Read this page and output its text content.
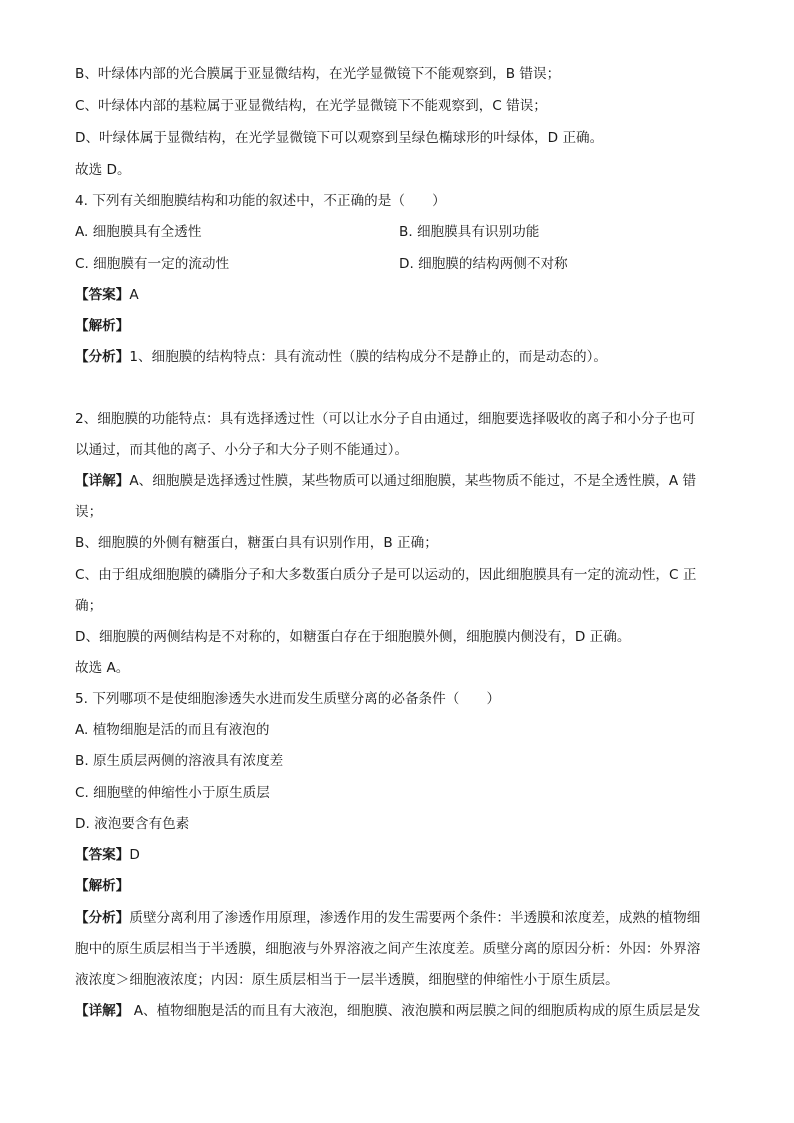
B、叶绿体内部的光合膜属于亚显微结构，在光学显微镜下不能观察到，B 错误；
C、叶绿体内部的基粒属于亚显微结构，在光学显微镜下不能观察到，C 错误；
D、叶绿体属于显微结构，在光学显微镜下可以观察到呈绿色椭球形的叶绿体，D 正确。
故选 D。
4. 下列有关细胞膜结构和功能的叙述中，不正确的是（　　）
A. 细胞膜具有全透性	B. 细胞膜具有识别功能
C. 细胞膜有一定的流动性	D. 细胞膜的结构两侧不对称
【答案】A
【解析】
【分析】1、细胞膜的结构特点：具有流动性（膜的结构成分不是静止的，而是动态的）。
2、细胞膜的功能特点：具有选择透过性（可以让水分子自由通过，细胞要选择吸收的离子和小分子也可
以通过，而其他的离子、小分子和大分子则不能通过）。
【详解】A、细胞膜是选择透过性膜，某些物质可以通过细胞膜，某些物质不能过，不是全透性膜，A 错
误；
B、细胞膜的外侧有糖蛋白，糖蛋白具有识别作用，B 正确；
C、由于组成细胞膜的磷脂分子和大多数蛋白质分子是可以运动的，因此细胞膜具有一定的流动性，C 正
确；
D、细胞膜的两侧结构是不对称的，如糖蛋白存在于细胞膜外侧，细胞膜内侧没有，D 正确。
故选 A。
5. 下列哪项不是使细胞渗透失水进而发生质壁分离的必备条件（　　）
A. 植物细胞是活的而且有液泡的
B. 原生质层两侧的溶液具有浓度差
C. 细胞壁的伸缩性小于原生质层
D. 液泡要含有色素
【答案】D
【解析】
【分析】质壁分离利用了渗透作用原理，渗透作用的发生需要两个条件：半透膜和浓度差，成熟的植物细
胞中的原生质层相当于半透膜，细胞液与外界溶液之间产生浓度差。质壁分离的原因分析：外因：外界溶
液浓度＞细胞液浓度；内因：原生质层相当于一层半透膜，细胞壁的伸缩性小于原生质层。
【详解】 A、植物细胞是活的而且有大液泡，细胞膜、液泡膜和两层膜之间的细胞质构成的原生质层是发
